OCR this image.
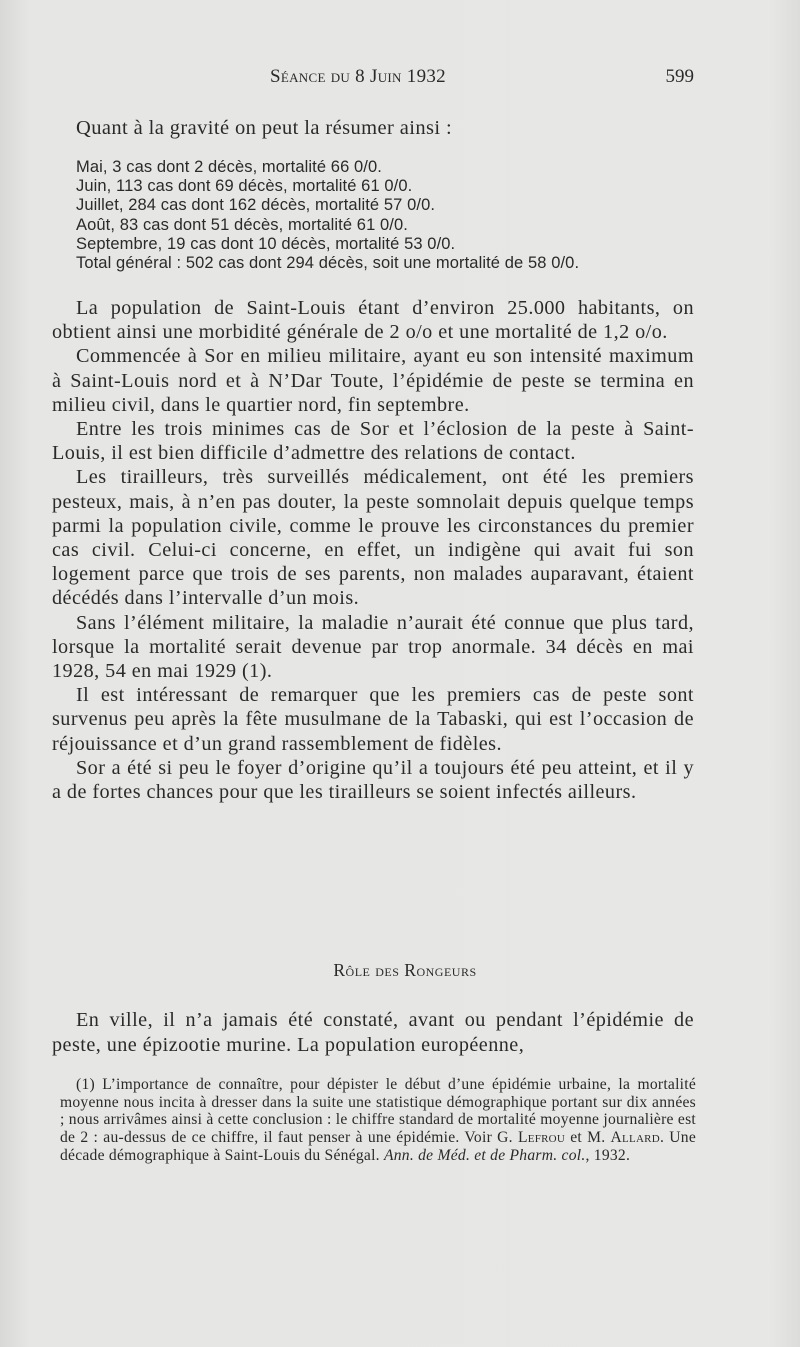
Séance du 8 Juin 1932	599
Quant à la gravité on peut la résumer ainsi :
Mai, 3 cas dont 2 décès, mortalité 66 0/0.
Juin, 113 cas dont 69 décès, mortalité 61 0/0.
Juillet, 284 cas dont 162 décès, mortalité 57 0/0.
Août, 83 cas dont 51 décès, mortalité 61 0/0.
Septembre, 19 cas dont 10 décès, mortalité 53 0/0.
Total général : 502 cas dont 294 décès, soit une mortalité de 58 0/0.

La population de Saint-Louis étant d’environ 25.000 habitants, on obtient ainsi une morbidité générale de 2 o/o et une mortalité de 1,2 o/o.

Commencée à Sor en milieu militaire, ayant eu son intensité maximum à Saint-Louis nord et à N’Dar Toute, l’épidémie de peste se termina en milieu civil, dans le quartier nord, fin septembre.

Entre les trois minimes cas de Sor et l’éclosion de la peste à Saint-Louis, il est bien difficile d’admettre des relations de contact.

Les tirailleurs, très surveillés médicalement, ont été les premiers pesteux, mais, à n’en pas douter, la peste somnolait depuis quelque temps parmi la population civile, comme le prouve les circonstances du premier cas civil. Celui-ci concerne, en effet, un indigène qui avait fui son logement parce que trois de ses parents, non malades auparavant, étaient décédés dans l’intervalle d’un mois.

Sans l’élément militaire, la maladie n’aurait été connue que plus tard, lorsque la mortalité serait devenue par trop anormale. 34 décès en mai 1928, 54 en mai 1929 (1).

Il est intéressant de remarquer que les premiers cas de peste sont survenus peu après la fête musulmane de la Tabaski, qui est l’occasion de réjouissance et d’un grand rassemblement de fidèles.

Sor a été si peu le foyer d’origine qu’il a toujours été peu atteint, et il y a de fortes chances pour que les tirailleurs se soient infectés ailleurs.

Rôle des Rongeurs

En ville, il n’a jamais été constaté, avant ou pendant l’épidémie de peste, une épizootie murine. La population européenne,

(1) L’importance de connaître, pour dépister le début d’une épidémie urbaine, la mortalité moyenne nous incita à dresser dans la suite une statistique démographique portant sur dix années ; nous arrivâmes ainsi à cette conclusion : le chiffre standard de mortalité moyenne journalière est de 2 : au-dessus de ce chiffre, il faut penser à une épidémie. Voir G. Lefrou et M. Allard. Une décade démographique à Saint-Louis du Sénégal. Ann. de Méd. et de Pharm. col., 1932.
